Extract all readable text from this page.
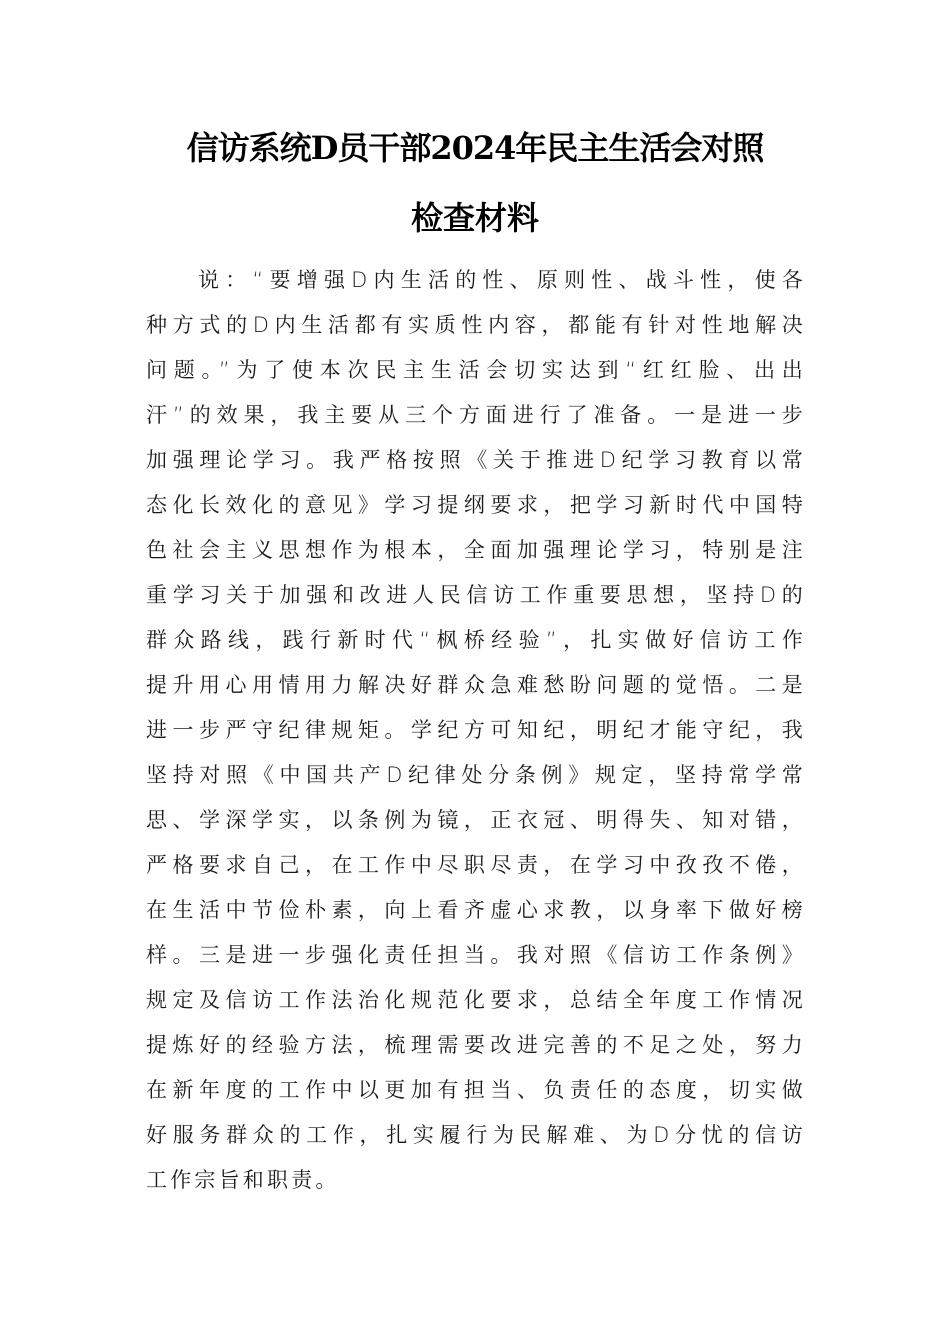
信访系统D员干部2024年民主生活会对照
检查材料
说：“要增强D内生活的性、原则性、战斗性，使各
种方式的D内生活都有实质性内容，都能有针对性地解决
问题。”为了使本次民主生活会切实达到“红红脸、出出
汗”的效果，我主要从三个方面进行了准备。一是进一步
加强理论学习。我严格按照《关于推进D纪学习教育以常
态化长效化的意见》学习提纲要求，把学习新时代中国特
色社会主义思想作为根本，全面加强理论学习，特别是注
重学习关于加强和改进人民信访工作重要思想，坚持D的
群众路线，践行新时代“枫桥经验”，扎实做好信访工作
提升用心用情用力解决好群众急难愁盼问题的觉悟。二是
进一步严守纪律规矩。学纪方可知纪，明纪才能守纪，我
坚持对照《中国共产D纪律处分条例》规定，坚持常学常
思、学深学实，以条例为镜，正衣冠、明得失、知对错，
严格要求自己，在工作中尽职尽责，在学习中孜孜不倦，
在生活中节俭朴素，向上看齐虚心求教，以身率下做好榜
样。三是进一步强化责任担当。我对照《信访工作条例》
规定及信访工作法治化规范化要求，总结全年度工作情况
提炼好的经验方法，梳理需要改进完善的不足之处，努力
在新年度的工作中以更加有担当、负责任的态度，切实做
好服务群众的工作，扎实履行为民解难、为D分忧的信访
工作宗旨和职责。
